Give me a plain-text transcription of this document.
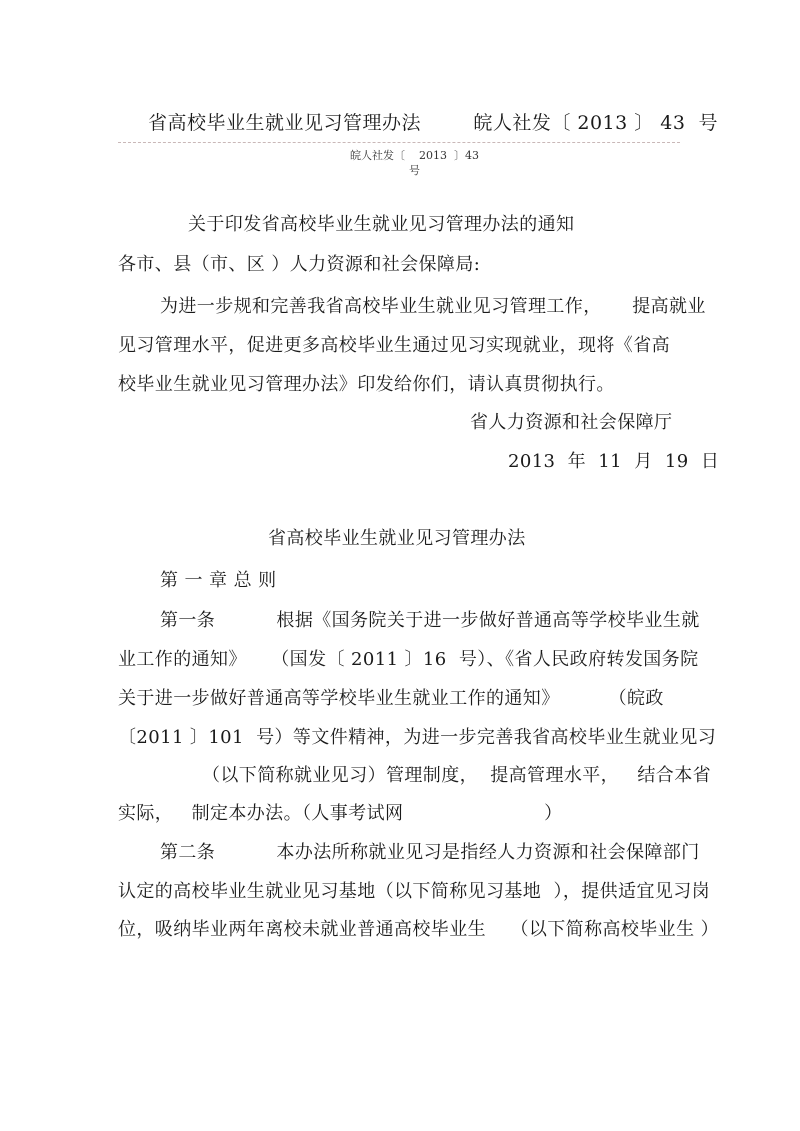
省高校毕业生就业见习管理办法        皖人社发〔 2013 〕 43  号
皖人社发〔    2013  〕43
号
关于印发省高校毕业生就业见习管理办法的通知
各市、县（市、区 ）人力资源和社会保障局:
为进一步规和完善我省高校毕业生就业见习管理工作，     提高就业
见习管理水平，促进更多高校毕业生通过见习实现就业，现将《省高
校毕业生就业见习管理办法》印发给你们，请认真贯彻执行。
省人力资源和社会保障厅
2013  年  11  月  19  日
省高校毕业生就业见习管理办法
第 一 章 总 则
第一条          根据《国务院关于进一步做好普通高等学校毕业生就
业工作的通知》    （国发〔 2011 〕16  号）、《省人民政府转发国务院
关于进一步做好普通高等学校毕业生就业工作的通知》        （皖政
〔2011 〕101  号）等文件精神，为进一步完善我省高校毕业生就业见习
（以下简称就业见习）管理制度，  提高管理水平，   结合本省
实际，   制定本办法。（人事考试网                       ）
第二条          本办法所称就业见习是指经人力资源和社会保障部门
认定的高校毕业生就业见习基地（以下简称见习基地  ），提供适宜见习岗
位，吸纳毕业两年离校未就业普通高校毕业生    （以下简称高校毕业生 ）
